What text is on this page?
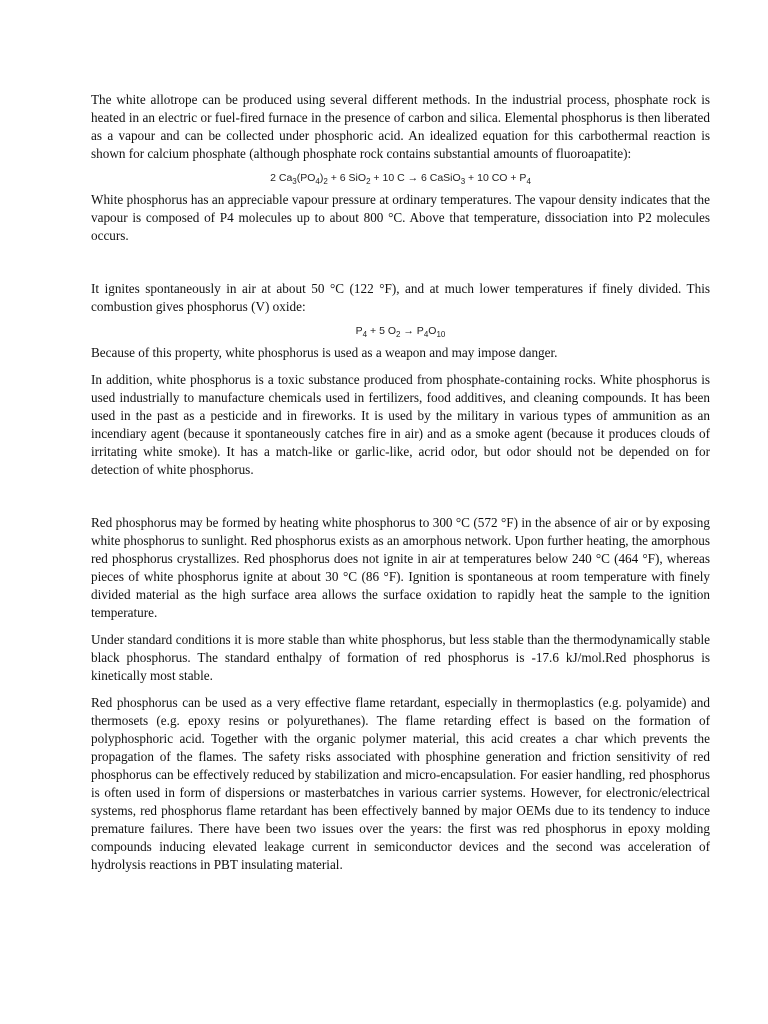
The white allotrope can be produced using several different methods. In the industrial process, phosphate rock is heated in an electric or fuel-fired furnace in the presence of carbon and silica. Elemental phosphorus is then liberated as a vapour and can be collected under phosphoric acid. An idealized equation for this carbothermal reaction is shown for calcium phosphate (although phosphate rock contains substantial amounts of fluoroapatite):

2 $Ca_3(PO_4)_2 + 6$ SiO$_2$ + 10 C → 6 CaSiO$_3$ + 10 CO + $P_4$

White phosphorus has an appreciable vapour pressure at ordinary temperatures. The vapour density indicates that the vapour is composed of P4 molecules up to about 800 °C. Above that temperature, dissociation into P2 molecules occurs.

It ignites spontaneously in air at about 50 °C (122 °F), and at much lower temperatures if finely divided. This combustion gives phosphorus (V) oxide:

$P_4 + 5$ $O_2 \to P_4O_{10}$

Because of this property, white phosphorus is used as a weapon and may impose danger.

In addition, white phosphorus is a toxic substance produced from phosphate-containing rocks. White phosphorus is used industrially to manufacture chemicals used in fertilizers, food additives, and cleaning compounds. It has been used in the past as a pesticide and in fireworks. It is used by the military in various types of ammunition as an incendiary agent (because it spontaneously catches fire in air) and as a smoke agent (because it produces clouds of irritating white smoke). It has a match-like or garlic-like, acrid odor, but odor should not be depended on for detection of white phosphorus.

Red phosphorus may be formed by heating white phosphorus to 300 °C (572 °F) in the absence of air or by exposing white phosphorus to sunlight. Red phosphorus exists as an amorphous network. Upon further heating, the amorphous red phosphorus crystallizes. Red phosphorus does not ignite in air at temperatures below 240 °C (464 °F), whereas pieces of white phosphorus ignite at about 30 °C (86 °F). Ignition is spontaneous at room temperature with finely divided material as the high surface area allows the surface oxidation to rapidly heat the sample to the ignition temperature.

Under standard conditions it is more stable than white phosphorus, but less stable than the thermodynamically stable black phosphorus. The standard enthalpy of formation of red phosphorus is -17.6 kJ/mol.Red phosphorus is kinetically most stable.

Red phosphorus can be used as a very effective flame retardant, especially in thermoplastics (e.g. polyamide) and thermosets (e.g. epoxy resins or polyurethanes). The flame retarding effect is based on the formation of polyphosphoric acid. Together with the organic polymer material, this acid creates a char which prevents the propagation of the flames. The safety risks associated with phosphine generation and friction sensitivity of red phosphorus can be effectively reduced by stabilization and micro-encapsulation. For easier handling, red phosphorus is often used in form of dispersions or masterbatches in various carrier systems. However, for electronic/electrical systems, red phosphorus flame retardant has been effectively banned by major OEMs due to its tendency to induce premature failures. There have been two issues over the years: the first was red phosphorus in epoxy molding compounds inducing elevated leakage current in semiconductor devices and the second was acceleration of hydrolysis reactions in PBT insulating material.
